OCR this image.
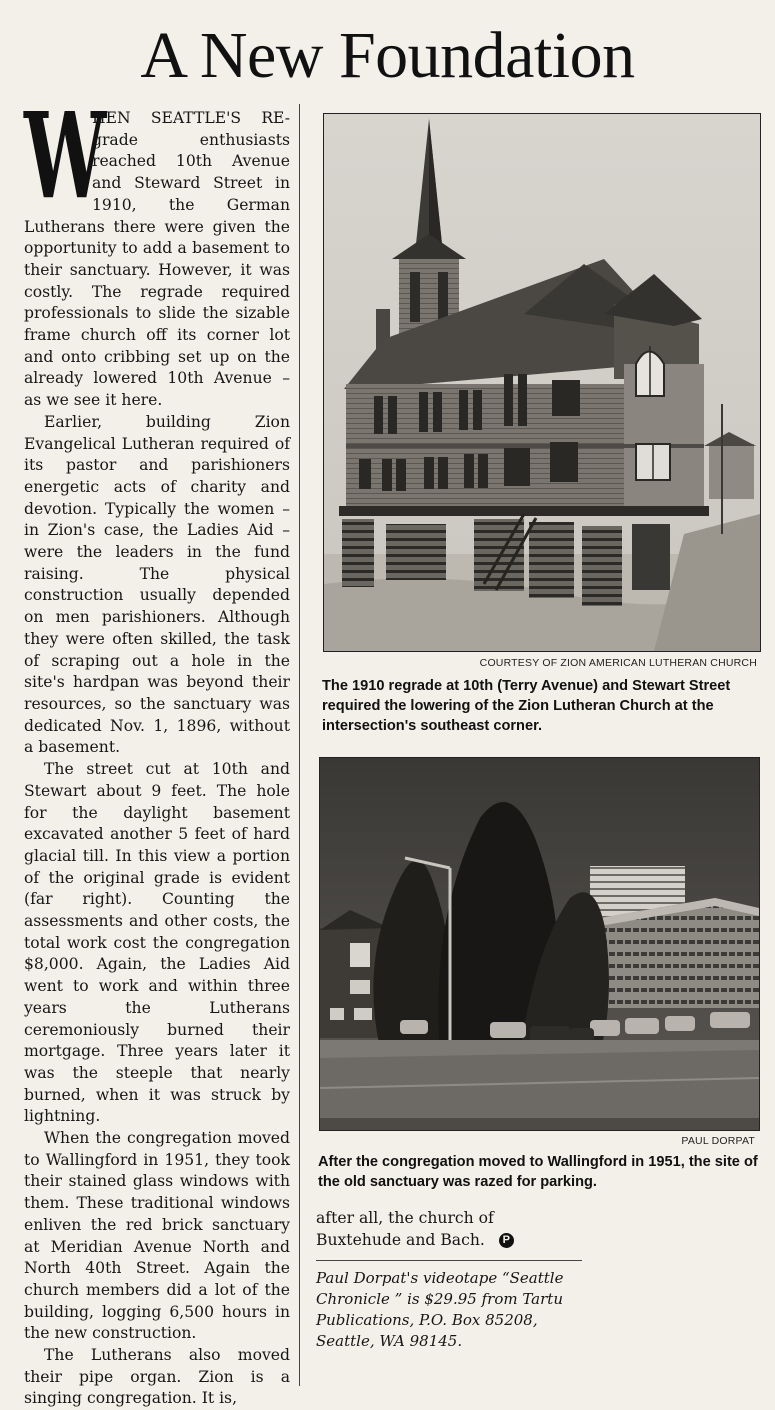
A New Foundation

W
HEN SEATTLE'S RE- grade enthusiasts reached 10th Avenue and Steward Street in 1910, the German Lutherans there were given the opportunity to add a basement to their sanctuary. However, it was costly. The regrade required professionals to slide the sizable frame church off its corner lot and onto cribbing set up on the already lowered 10th Avenue – as we see it here.

Earlier, building Zion Evangelical Lutheran required of its pastor and parishioners energetic acts of charity and devotion. Typically the women – in Zion's case, the Ladies Aid – were the leaders in the fund raising. The physical construction usually depended on men parishioners. Although they were often skilled, the task of scraping out a hole in the site's hardpan was beyond their resources, so the sanctuary was dedicated Nov. 1, 1896, without a basement.

The street cut at 10th and Stewart about 9 feet. The hole for the daylight basement excavated another 5 feet of hard glacial till. In this view a portion of the original grade is evident (far right). Counting the assessments and other costs, the total work cost the congregation $8,000. Again, the Ladies Aid went to work and within three years the Lutherans ceremoniously burned their mortgage. Three years later it was the steeple that nearly burned, when it was struck by lightning.

When the congregation moved to Wallingford in 1951, they took their stained glass windows with them. These traditional windows enliven the red brick sanctuary at Meridian Avenue North and North 40th Street. Again the church members did a lot of the building, logging 6,500 hours in the new construction.

The Lutherans also moved their pipe organ. Zion is a singing congregation. It is,

COURTESY OF ZION AMERICAN LUTHERAN CHURCH
The 1910 regrade at 10th (Terry Avenue) and Stewart Street required the lowering of the Zion Lutheran Church at the intersection's southeast corner.
PAUL DORPAT
After the congregation moved to Wallingford in 1951, the site of the old sanctuary was razed for parking.

after all, the church of Buxtehude and Bach. P

Paul Dorpat's videotape “Seattle Chronicle ” is $29.95 from Tartu Publications, P.O. Box 85208, Seattle, WA 98145.
